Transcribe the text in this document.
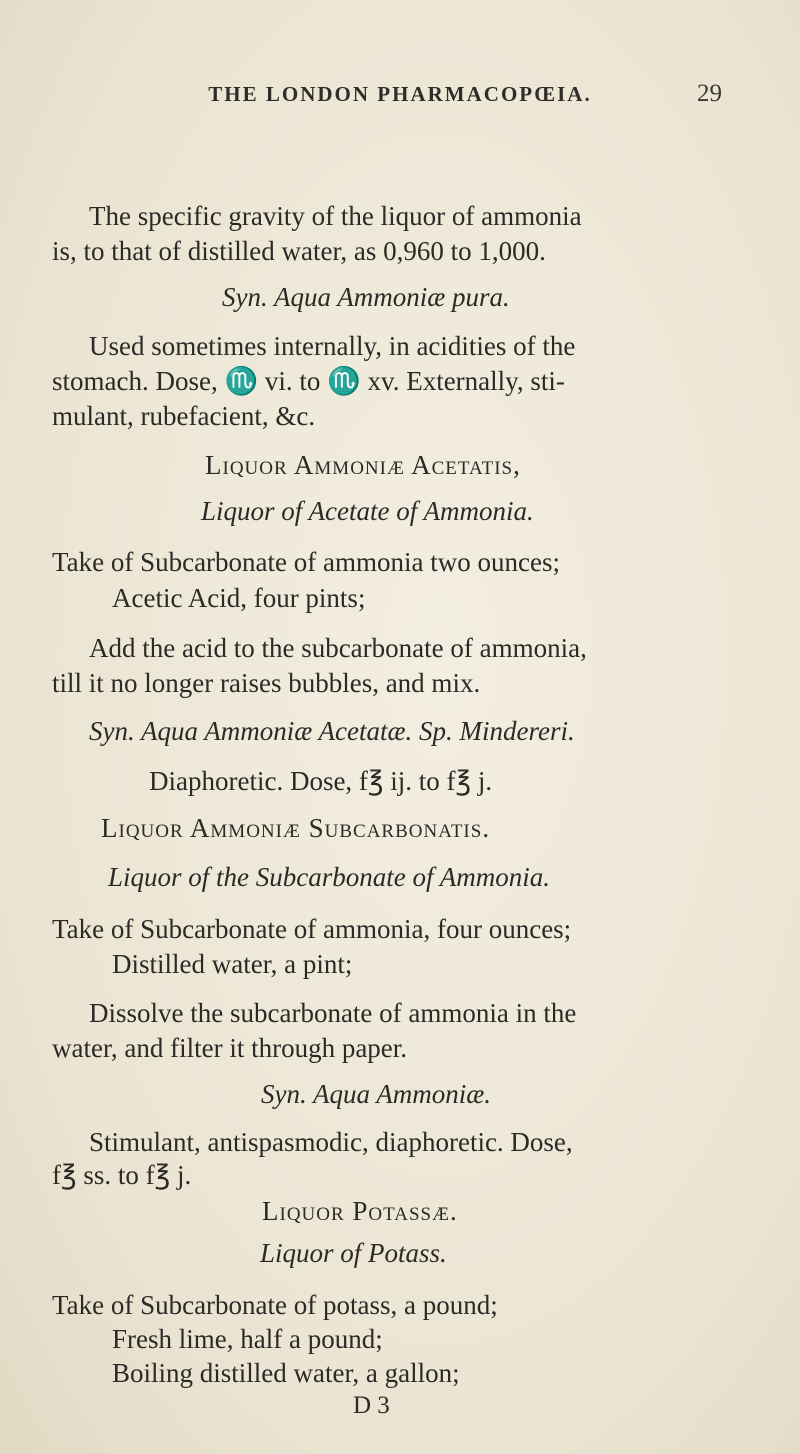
THE LONDON PHARMACOPŒIA.	29
The specific gravity of the liquor of ammonia
is, to that of distilled water, as 0,960 to 1,000.
Syn. Aqua Ammoniæ pura.
Used sometimes internally, in acidities of the
stomach. Dose, ♏ vi. to ♏ xv. Externally, sti-
mulant, rubefacient, &c.
Liquor Ammoniæ Acetatis,
Liquor of Acetate of Ammonia.
Take of Subcarbonate of ammonia two ounces;
Acetic Acid, four pints;
Add the acid to the subcarbonate of ammonia,
till it no longer raises bubbles, and mix.
Syn. Aqua Ammoniæ Acetatæ. Sp. Mindereri.
Diaphoretic. Dose, f℥ ij. to f℥ j.
Liquor Ammoniæ Subcarbonatis.
Liquor of the Subcarbonate of Ammonia.
Take of Subcarbonate of ammonia, four ounces;
Distilled water, a pint;
Dissolve the subcarbonate of ammonia in the
water, and filter it through paper.
Syn. Aqua Ammoniæ.
Stimulant, antispasmodic, diaphoretic. Dose,
f℥ ss. to f℥ j.
Liquor Potassæ.
Liquor of Potass.
Take of Subcarbonate of potass, a pound;
Fresh lime, half a pound;
Boiling distilled water, a gallon;
D 3
